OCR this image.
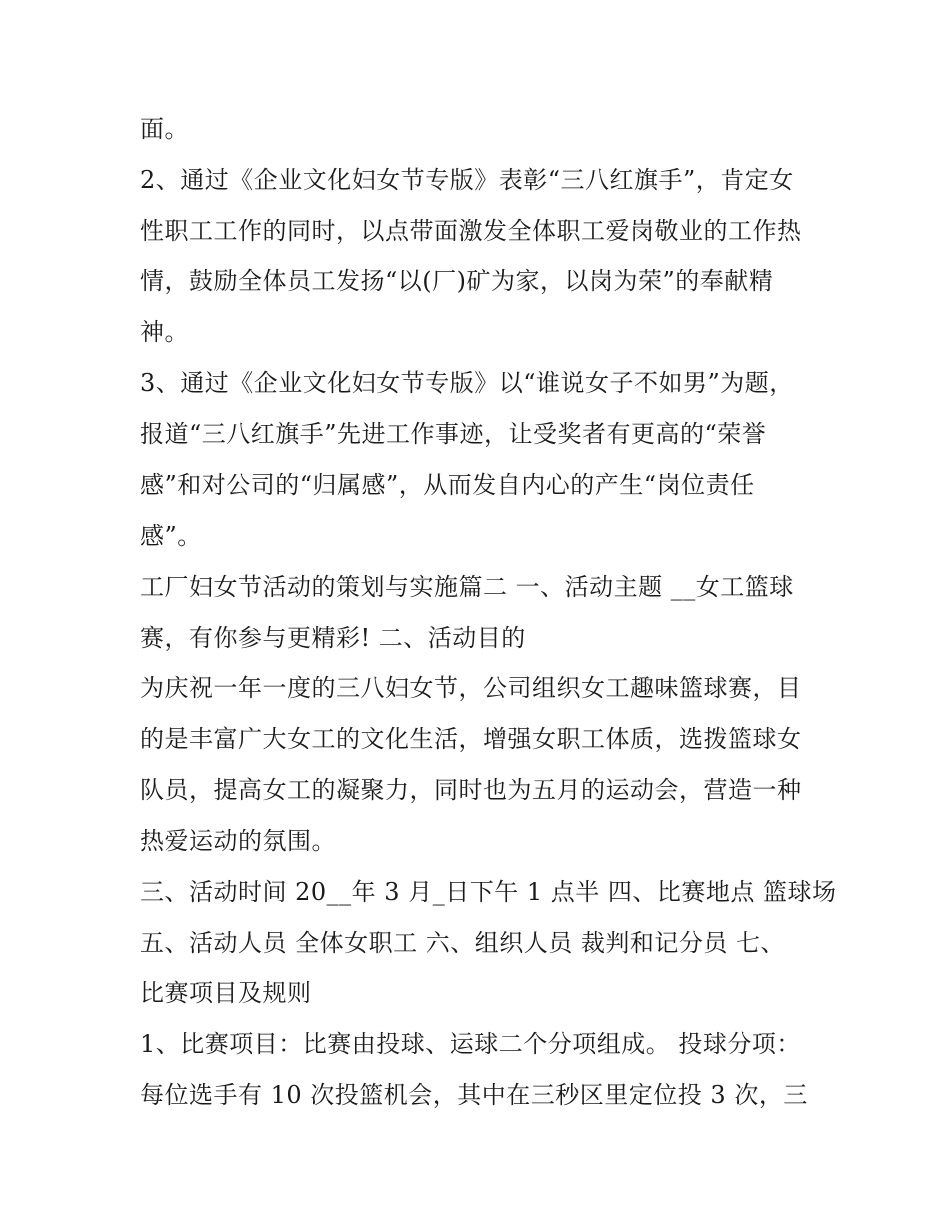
面。
2、通过《企业文化妇女节专版》表彰“三八红旗手”，肯定女
性职工工作的同时，以点带面激发全体职工爱岗敬业的工作热
情，鼓励全体员工发扬“以(厂)矿为家，以岗为荣”的奉献精
神。
3、通过《企业文化妇女节专版》以“谁说女子不如男”为题，
报道“三八红旗手”先进工作事迹，让受奖者有更高的“荣誉
感”和对公司的“归属感”，从而发自内心的产生“岗位责任
感”。
工厂妇女节活动的策划与实施篇二 一、活动主题 __女工篮球
赛，有你参与更精彩! 二、活动目的
为庆祝一年一度的三八妇女节，公司组织女工趣味篮球赛，目
的是丰富广大女工的文化生活，增强女职工体质，选拨篮球女
队员，提高女工的凝聚力，同时也为五月的运动会，营造一种
热爱运动的氛围。
三、活动时间 20__年 3 月_日下午 1 点半 四、比赛地点 篮球场
五、活动人员 全体女职工 六、组织人员 裁判和记分员 七、
比赛项目及规则
1、比赛项目：比赛由投球、运球二个分项组成。 投球分项：
每位选手有 10 次投篮机会，其中在三秒区里定位投 3 次，三
